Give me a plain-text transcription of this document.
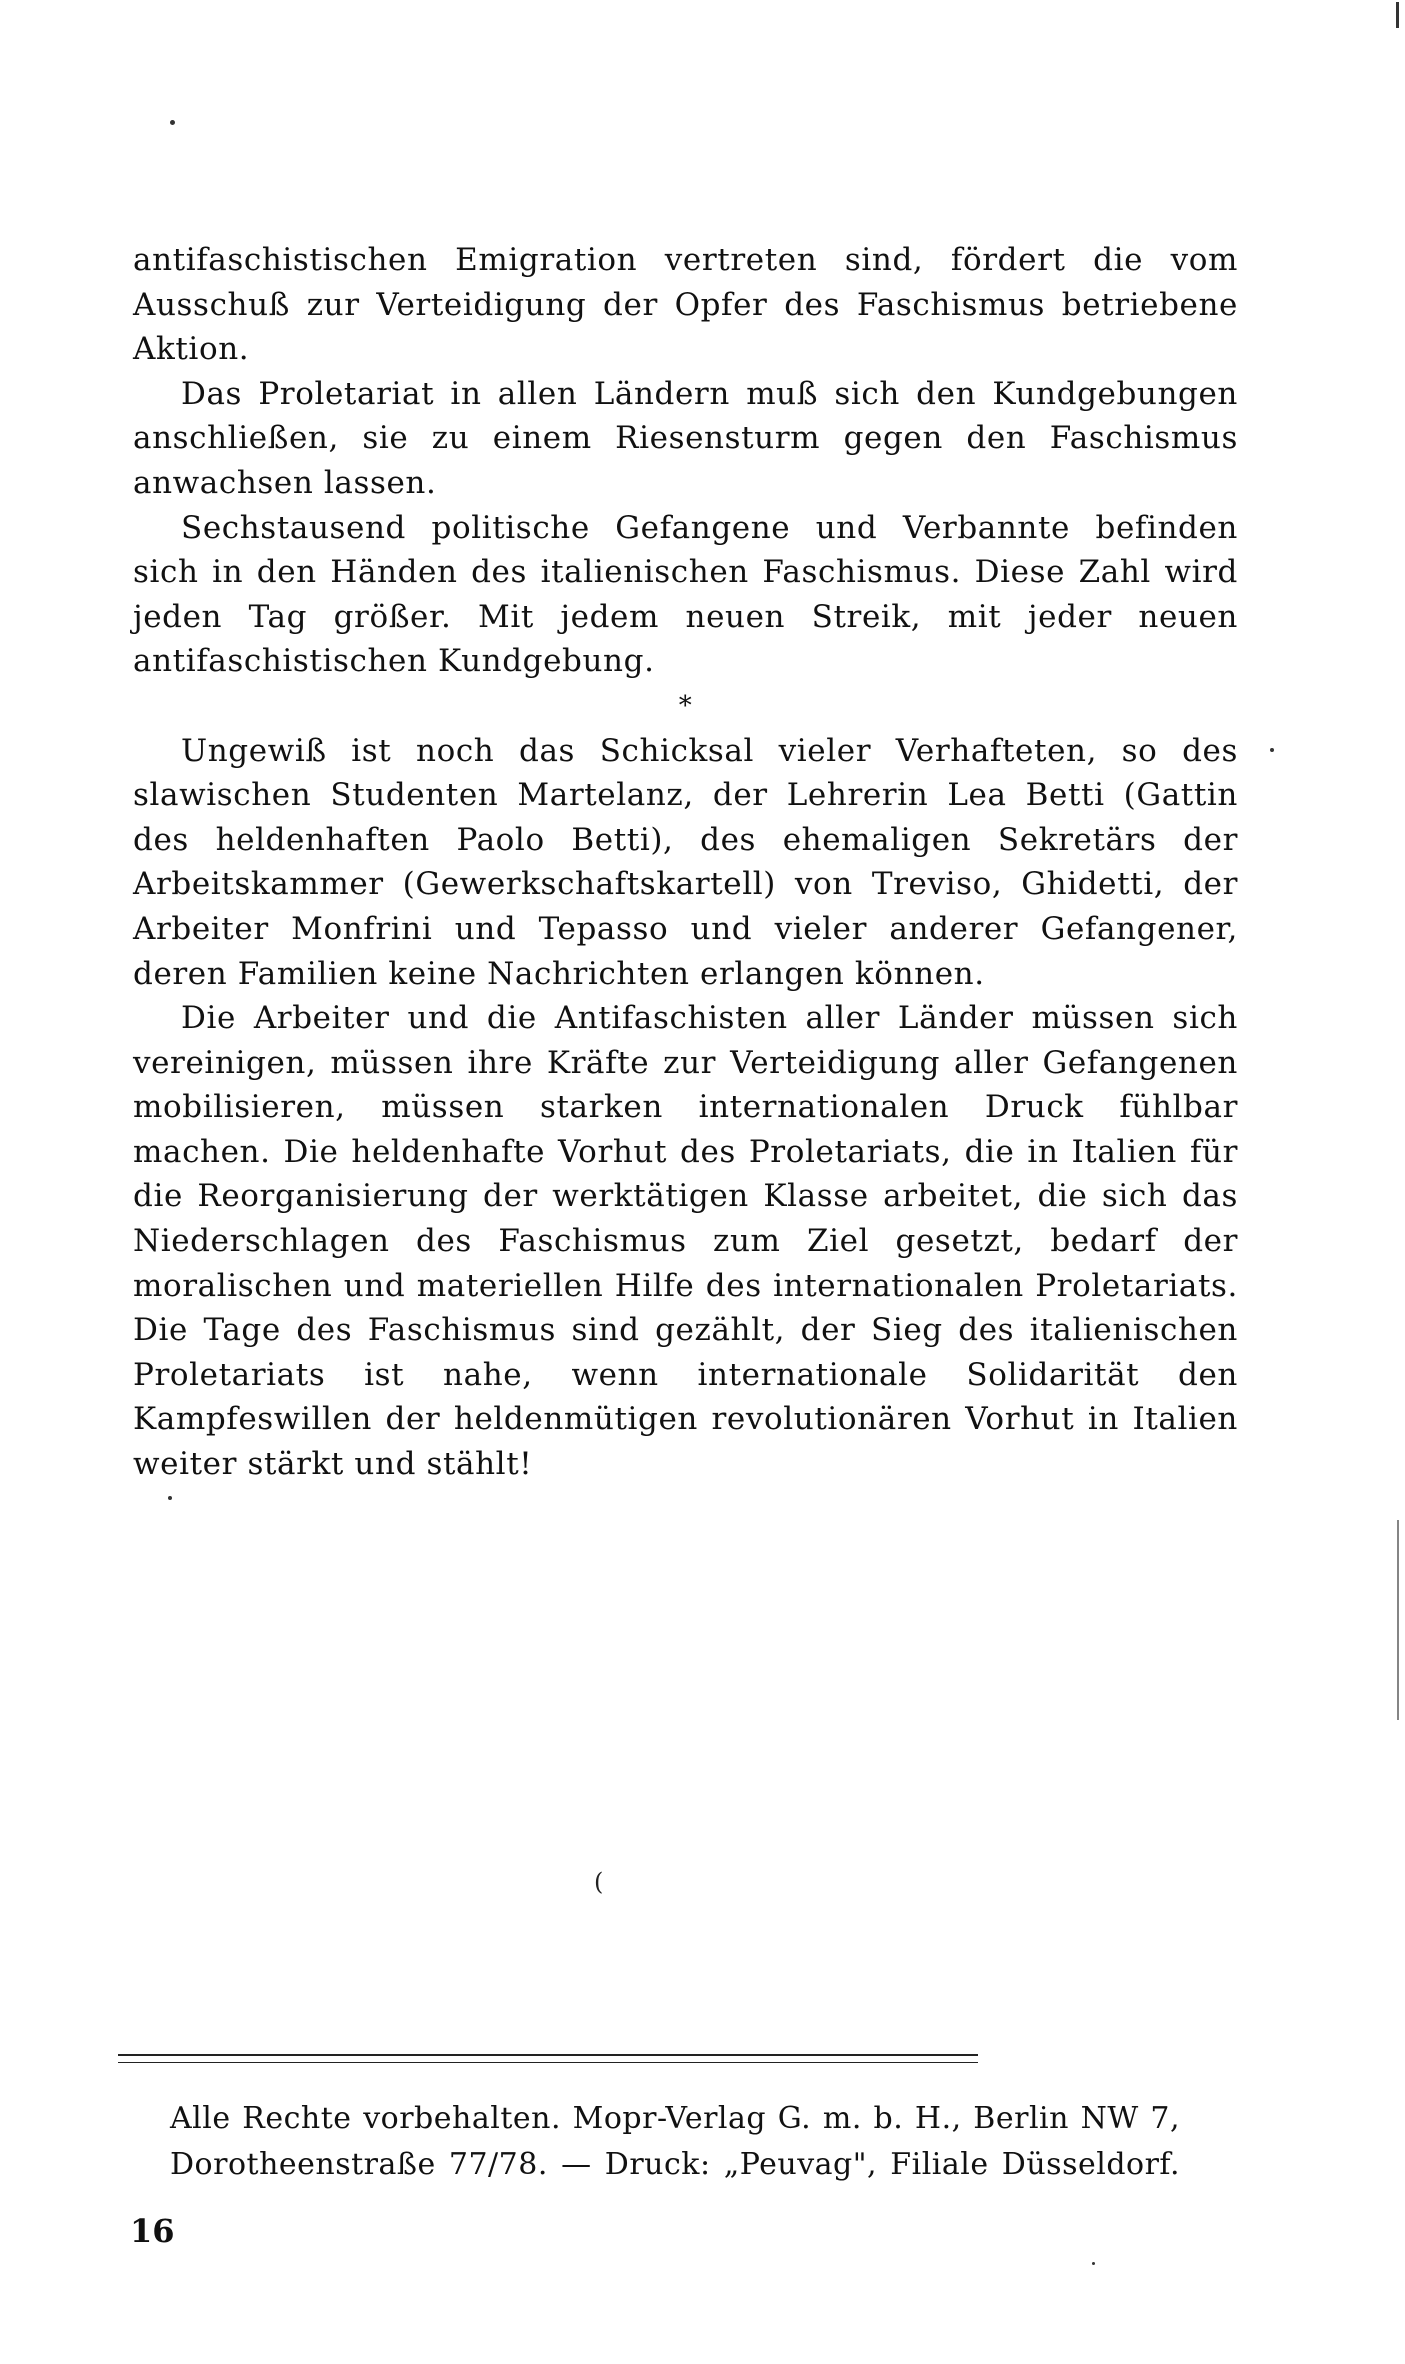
antifaschistischen Emigration vertreten sind, fördert die vom Ausschuß zur Verteidigung der Opfer des Faschismus betriebene Aktion.

Das Proletariat in allen Ländern muß sich den Kundgebungen anschließen, sie zu einem Riesensturm gegen den Faschismus anwachsen lassen.

Sechstausend politische Gefangene und Verbannte befinden sich in den Händen des italienischen Faschismus. Diese Zahl wird jeden Tag größer. Mit jedem neuen Streik, mit jeder neuen antifaschistischen Kundgebung.

*

Ungewiß ist noch das Schicksal vieler Verhafteten, so des slawischen Studenten Martelanz, der Lehrerin Lea Betti (Gattin des heldenhaften Paolo Betti), des ehemaligen Sekretärs der Arbeitskammer (Gewerkschaftskartell) von Treviso, Ghidetti, der Arbeiter Monfrini und Tepasso und vieler anderer Gefangener, deren Familien keine Nachrichten erlangen können.

Die Arbeiter und die Antifaschisten aller Länder müssen sich vereinigen, müssen ihre Kräfte zur Verteidigung aller Gefangenen mobilisieren, müssen starken internationalen Druck fühlbar machen. Die heldenhafte Vorhut des Proletariats, die in Italien für die Reorganisierung der werktätigen Klasse arbeitet, die sich das Niederschlagen des Faschismus zum Ziel gesetzt, bedarf der moralischen und materiellen Hilfe des internationalen Proletariats. Die Tage des Faschismus sind gezählt, der Sieg des italienischen Proletariats ist nahe, wenn internationale Solidarität den Kampfeswillen der heldenmütigen revolutionären Vorhut in Italien weiter stärkt und stählt!

(

Alle Rechte vorbehalten. Mopr-Verlag G. m. b. H., Berlin NW 7,

Dorotheenstraße 77/78. — Druck: „Peuvag", Filiale Düsseldorf.

16
